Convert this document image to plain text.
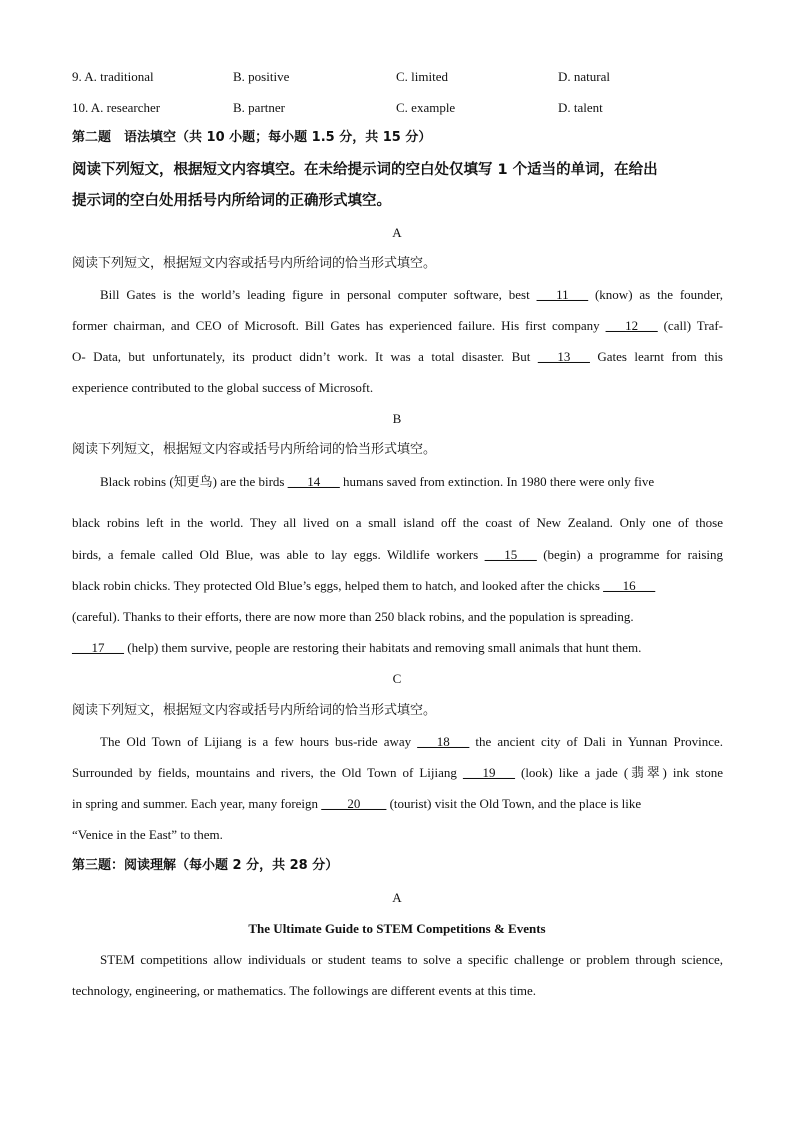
9. A. traditional	B. positive	C. limited	D. natural
10. A. researcher	B. partner	C. example	D. talent
第二题　语法填空（共 10 小题；每小题 1.5 分，共 15 分）
阅读下列短文，根据短文内容填空。在未给提示词的空白处仅填写 1 个适当的单词，在给出
提示词的空白处用括号内所给词的正确形式填空。
A
阅读下列短文，根据短文内容或括号内所给词的恰当形式填空。
Bill Gates is the world’s leading figure in personal computer software, best ___11___ (know) as the founder,
former chairman, and CEO of Microsoft. Bill Gates has experienced failure. His first company ___12___ (call) Traf-
O- Data, but unfortunately, its product didn’t work. It was a total disaster. But ___13___ Gates learnt from this
experience contributed to the global success of Microsoft.
B
阅读下列短文，根据短文内容或括号内所给词的恰当形式填空。
Black robins (知更鸟) are the birds ___14___ humans saved from extinction. In 1980 there were only five
black robins left in the world. They all lived on a small island off the coast of New Zealand. Only one of those
birds, a female called Old Blue, was able to lay eggs. Wildlife workers ___15___ (begin) a programme for raising
black robin chicks. They protected Old Blue’s eggs, helped them to hatch, and looked after the chicks ___16___
(careful). Thanks to their efforts, there are now more than 250 black robins, and the population is spreading.
___17___ (help) them survive, people are restoring their habitats and removing small animals that hunt them.
C
阅读下列短文，根据短文内容或括号内所给词的恰当形式填空。
The Old Town of Lijiang is a few hours bus-ride away ___18___ the ancient city of Dali in Yunnan Province.
Surrounded by fields, mountains and rivers, the Old Town of Lijiang ___19___ (look) like a jade (翡翠) ink stone
in spring and summer. Each year, many foreign ____20____ (tourist) visit the Old Town, and the place is like
“Venice in the East” to them.
第三题：阅读理解（每小题 2 分，共 28 分）
A
The Ultimate Guide to STEM Competitions & Events
STEM competitions allow individuals or student teams to solve a specific challenge or problem through science,
technology, engineering, or mathematics. The followings are different events at this time.
